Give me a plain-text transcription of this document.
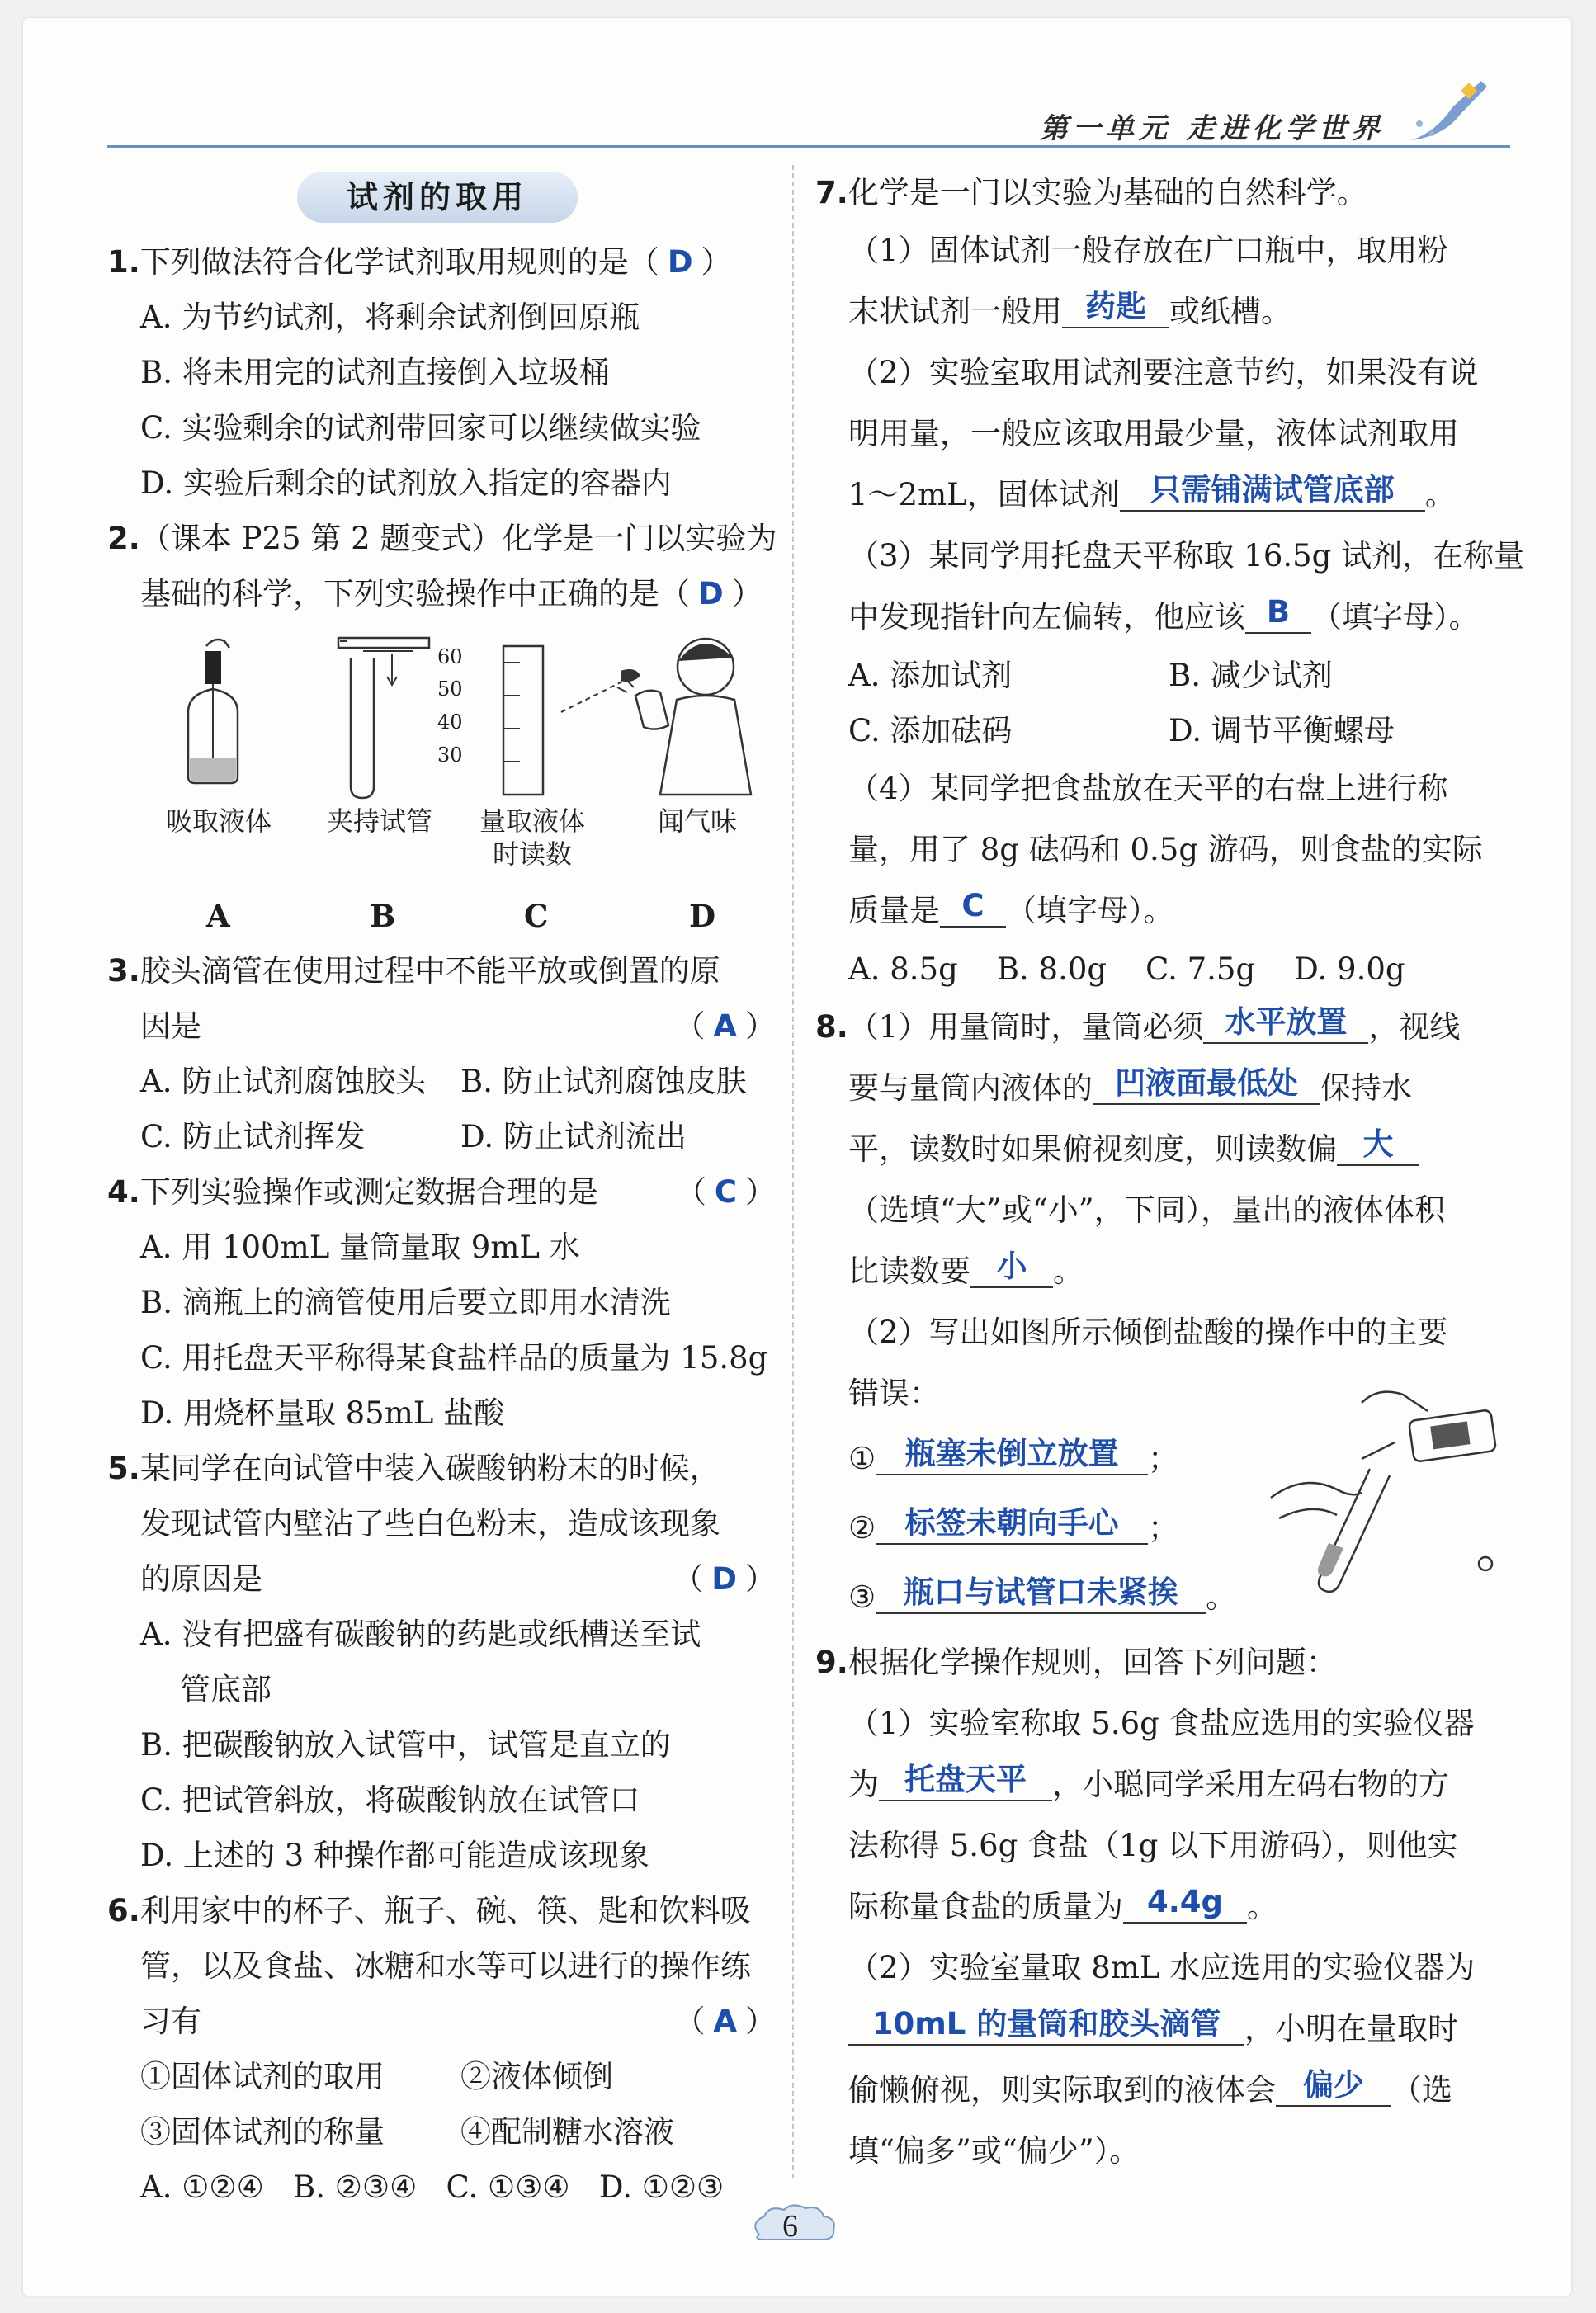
第一单元 走进化学世界
试剂的取用
1.下列做法符合化学试剂取用规则的是（ D ）
A. 为节约试剂，将剩余试剂倒回原瓶
B. 将未用完的试剂直接倒入垃圾桶
C. 实验剩余的试剂带回家可以继续做实验
D. 实验后剩余的试剂放入指定的容器内
2.（课本 P25 第 2 题变式）化学是一门以实验为
基础的科学，下列实验操作中正确的是（ D ）
60
50
40
30
吸取液体	夹持试管	量取液体
时读数
闻气味
A	B	C	D
3.胶头滴管在使用过程中不能平放或倒置的原
因是	（ A ）
A. 防止试剂腐蚀胶头 B. 防止试剂腐蚀皮肤
C. 防止试剂挥发	D. 防止试剂流出
4.下列实验操作或测定数据合理的是	（ C ）
A. 用 100mL 量筒量取 9mL 水
B. 滴瓶上的滴管使用后要立即用水清洗
C. 用托盘天平称得某食盐样品的质量为 15.8g
D. 用烧杯量取 85mL 盐酸
5.某同学在向试管中装入碳酸钠粉末的时候，
发现试管内壁沾了些白色粉末，造成该现象
的原因是	（ D ）
A. 没有把盛有碳酸钠的药匙或纸槽送至试
管底部
B. 把碳酸钠放入试管中，试管是直立的
C. 把试管斜放，将碳酸钠放在试管口
D. 上述的 3 种操作都可能造成该现象
6.利用家中的杯子、瓶子、碗、筷、匙和饮料吸
管，以及食盐、冰糖和水等可以进行的操作练
习有	（ A ）
①固体试剂的取用 ②液体倾倒
③固体试剂的称量 ④配制糖水溶液
A. ①②④   B. ②③④   C. ①③④   D. ①②③
7.化学是一门以实验为基础的自然科学。
（1）固体试剂一般存放在广口瓶中，取用粉
末状试剂一般用 药匙 或纸槽。
（2）实验室取用试剂要注意节约，如果没有说
明用量，一般应该取用最少量，液体试剂取用
1～2mL，固体试剂 只需铺满试管底部 。
（3）某同学用托盘天平称取 16.5g 试剂，在称量
中发现指针向左偏转，他应该 B （填字母）。
A. 添加试剂	B. 减少试剂
C. 添加砝码	D. 调节平衡螺母
（4）某同学把食盐放在天平的右盘上进行称
量，用了 8g 砝码和 0.5g 游码，则食盐的实际
质量是 C （填字母）。
A. 8.5g    B. 8.0g    C. 7.5g    D. 9.0g
8.（1）用量筒时，量筒必须 水平放置 ，视线
要与量筒内液体的 凹液面最低处 保持水
平，读数时如果俯视刻度，则读数偏 大
（选填“大”或“小”，下同），量出的液体体积
比读数要 小 。
（2）写出如图所示倾倒盐酸的操作中的主要
错误：
① 瓶塞未倒立放置 ；
② 标签未朝向手心 ；
③ 瓶口与试管口未紧挨 。
9.根据化学操作规则，回答下列问题：
（1）实验室称取 5.6g 食盐应选用的实验仪器
为 托盘天平 ，小聪同学采用左码右物的方
法称得 5.6g 食盐（1g 以下用游码），则他实
际称量食盐的质量为 4.4g 。
（2）实验室量取 8mL 水应选用的实验仪器为
10mL 的量筒和胶头滴管 ，小明在量取时
偷懒俯视，则实际取到的液体会 偏少 （选
填“偏多”或“偏少”）。
6
